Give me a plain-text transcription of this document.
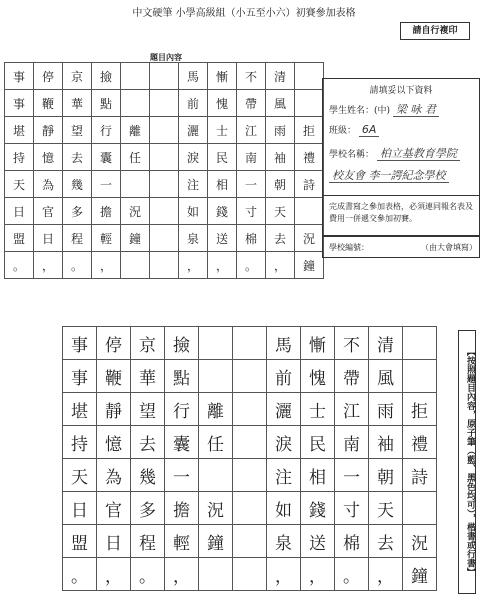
中文硬筆 小學高級組（小五至小六）初賽參加表格
請自行複印
題目內容
事	停	京	撿			馬	慚	不	清	
事	鞭	華	點			前	愧	帶	風	
堪	靜	望	行	離		灑	士	江	雨	拒
持	憶	去	囊	任		淚	民	南	袖	禮
天	為	幾	一			注	相	一	朝	詩
日	官	多	擔	況		如	錢	寸	天	
盟	日	程	輕	鐘		泉	送	棉	去	況
。	，	。	，			，	，	。	，	鐘
請填妥以下資料
學生姓名：(中) 梁 咏 君
班級： 6A
學校名稱： 柏立基教育學院
校友會 李一諤紀念學校
完成書寫之參加表格，必須連同報名表及費用一併遞交參加初賽。
學校編號：	（由大會填寫）
事	停	京	撿			馬	慚	不	清	
事	鞭	華	點			前	愧	帶	風	
堪	靜	望	行	離		灑	士	江	雨	拒
持	憶	去	囊	任		淚	民	南	袖	禮
天	為	幾	一			注	相	一	朝	詩
日	官	多	擔	況		如	錢	寸	天	
盟	日	程	輕	鐘		泉	送	棉	去	況
。	，	。	，			，	，	。	，	鐘	【按照題目內容，原子筆（藍、黑色均可），楷書或行書】
